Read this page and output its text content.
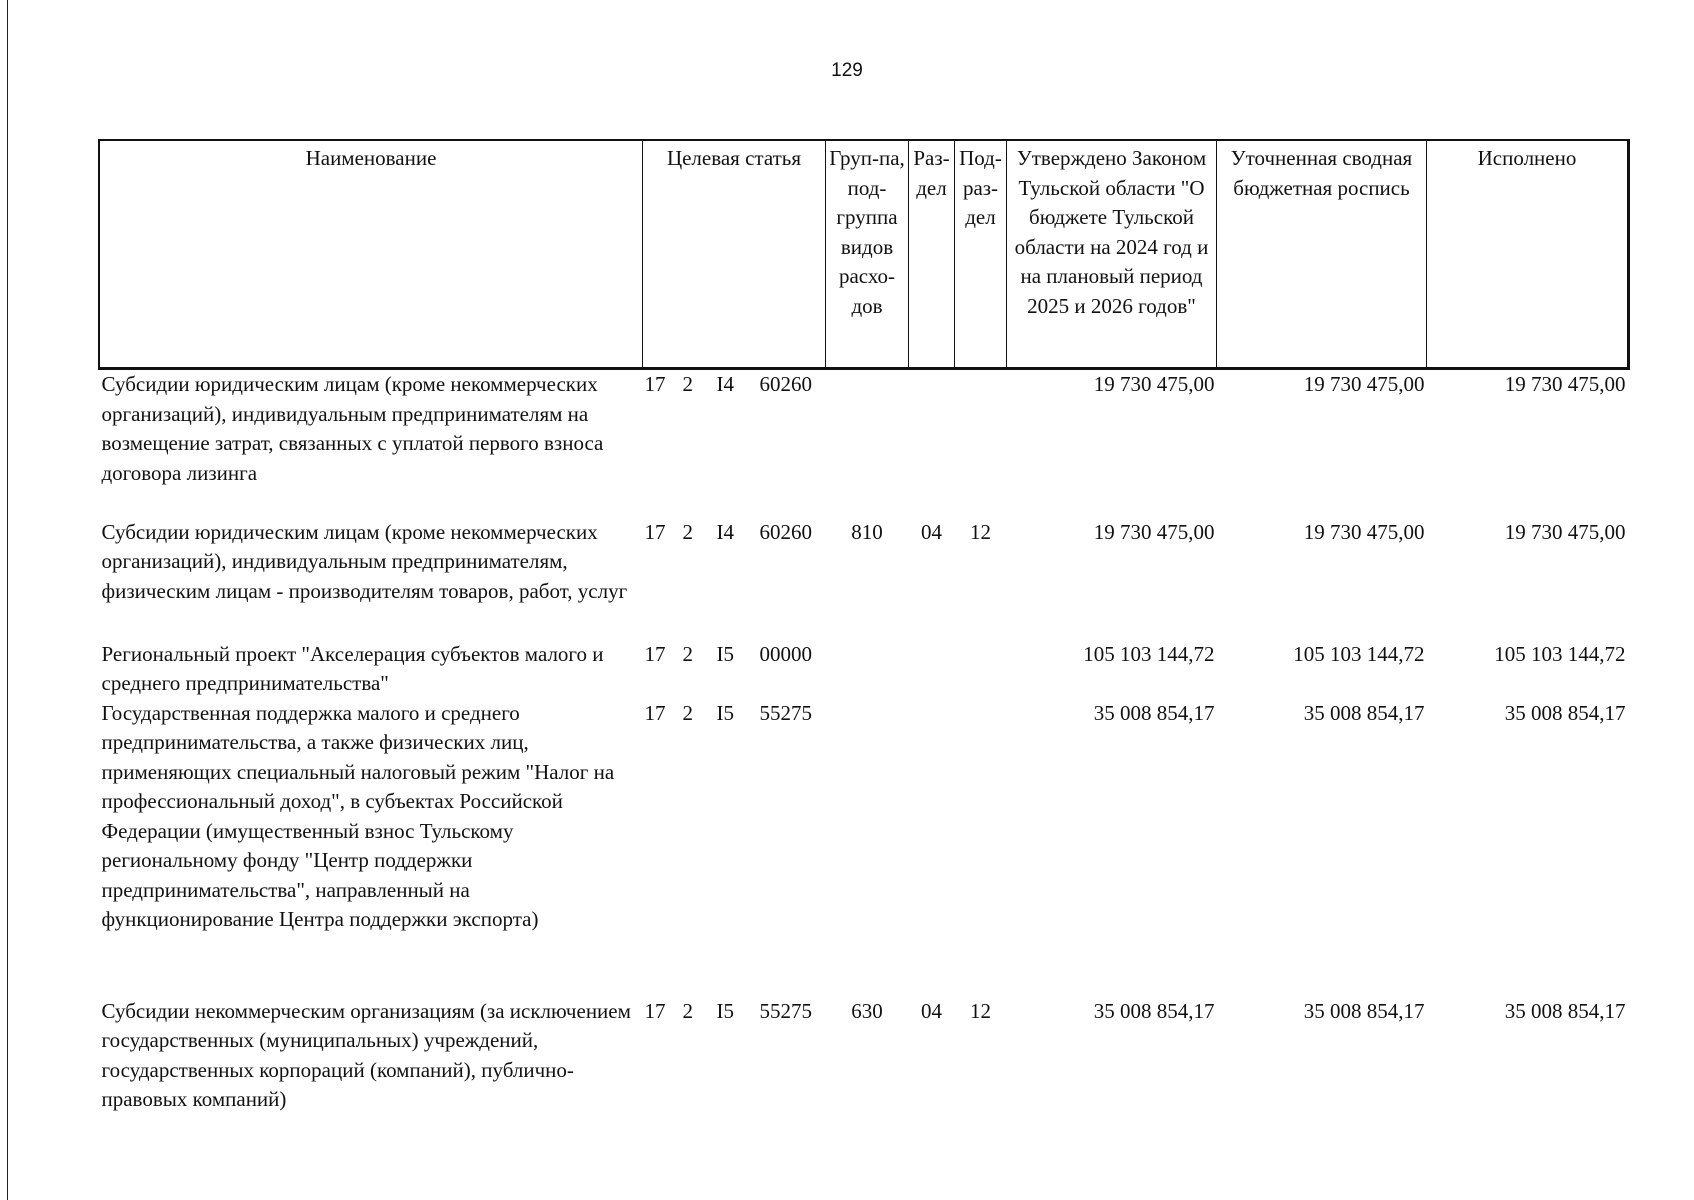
129
Наименование	Целевая статья	Груп-па, под-группа видов расхо-дов	Раз-дел	Под-раз-дел	Утверждено Законом Тульской области "О бюджете Тульской области на 2024 год и на плановый период 2025 и 2026 годов"	Уточненная сводная бюджетная роспись	Исполнено
Субсидии юридическим лицам (кроме некоммерческих организаций), индивидуальным предпринимателям на возмещение затрат, связанных с уплатой первого взноса договора лизинга	17 2 I4 60260				19 730 475,00	19 730 475,00	19 730 475,00
Субсидии юридическим лицам (кроме некоммерческих организаций), индивидуальным предпринимателям, физическим лицам - производителям товаров, работ, услуг	17 2 I4 60260	810	04	12	19 730 475,00	19 730 475,00	19 730 475,00
Региональный проект "Акселерация субъектов малого и среднего предпринимательства"	17 2 I5 00000				105 103 144,72	105 103 144,72	105 103 144,72
Государственная поддержка малого и среднего предпринимательства, а также физических лиц, применяющих специальный налоговый режим "Налог на профессиональный доход", в субъектах Российской Федерации (имущественный взнос Тульскому региональному фонду "Центр поддержки предпринимательства", направленный на функционирование Центра поддержки экспорта)	17 2 I5 55275				35 008 854,17	35 008 854,17	35 008 854,17
Субсидии некоммерческим организациям (за исключением государственных (муниципальных) учреждений, государственных корпораций (компаний), публично-правовых компаний)	17 2 I5 55275	630	04	12	35 008 854,17	35 008 854,17	35 008 854,17
